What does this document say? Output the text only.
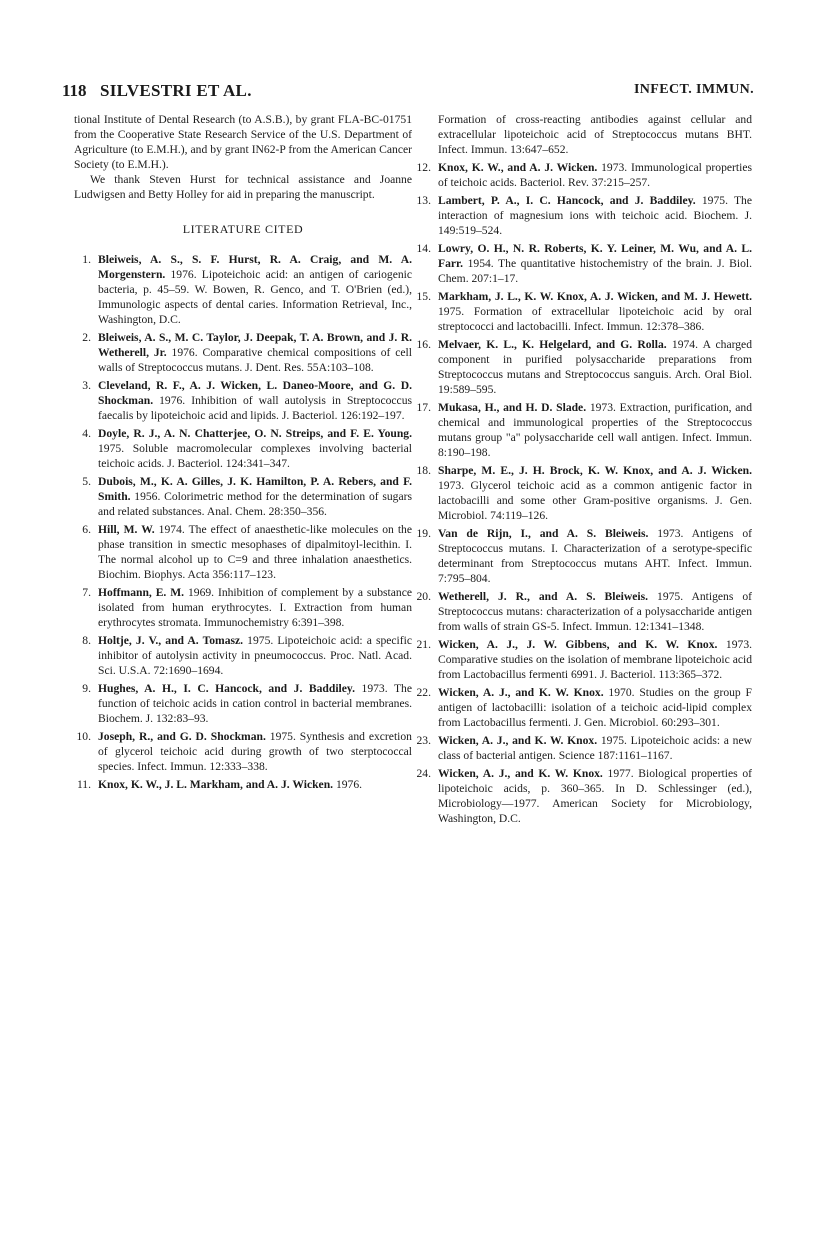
118 SILVESTRI ET AL.	INFECT. IMMUN.

tional Institute of Dental Research (to A.S.B.), by grant FLA-BC-01751 from the Cooperative State Research Service of the U.S. Department of Agriculture (to E.M.H.), and by grant IN62-P from the American Cancer Society (to E.M.H.).

We thank Steven Hurst for technical assistance and Joanne Ludwigsen and Betty Holley for aid in preparing the manuscript.

LITERATURE CITED
1. Bleiweis, A. S., S. F. Hurst, R. A. Craig, and M. A. Morgenstern. 1976. Lipoteichoic acid: an antigen of cariogenic bacteria, p. 45–59. W. Bowen, R. Genco, and T. O'Brien (ed.), Immunologic aspects of dental caries. Information Retrieval, Inc., Washington, D.C.
2. Bleiweis, A. S., M. C. Taylor, J. Deepak, T. A. Brown, and J. R. Wetherell, Jr. 1976. Comparative chemical compositions of cell walls of Streptococcus mutans. J. Dent. Res. 55A:103–108.
3. Cleveland, R. F., A. J. Wicken, L. Daneo-Moore, and G. D. Shockman. 1976. Inhibition of wall autolysis in Streptococcus faecalis by lipoteichoic acid and lipids. J. Bacteriol. 126:192–197.
4. Doyle, R. J., A. N. Chatterjee, O. N. Streips, and F. E. Young. 1975. Soluble macromolecular complexes involving bacterial teichoic acids. J. Bacteriol. 124:341–347.
5. Dubois, M., K. A. Gilles, J. K. Hamilton, P. A. Rebers, and F. Smith. 1956. Colorimetric method for the determination of sugars and related substances. Anal. Chem. 28:350–356.
6. Hill, M. W. 1974. The effect of anaesthetic-like molecules on the phase transition in smectic mesophases of dipalmitoyl-lecithin. I. The normal alcohol up to C=9 and three inhalation anaesthetics. Biochim. Biophys. Acta 356:117–123.
7. Hoffmann, E. M. 1969. Inhibition of complement by a substance isolated from human erythrocytes. I. Extraction from human erythrocytes stromata. Immunochemistry 6:391–398.
8. Holtje, J. V., and A. Tomasz. 1975. Lipoteichoic acid: a specific inhibitor of autolysin activity in pneumococcus. Proc. Natl. Acad. Sci. U.S.A. 72:1690–1694.
9. Hughes, A. H., I. C. Hancock, and J. Baddiley. 1973. The function of teichoic acids in cation control in bacterial membranes. Biochem. J. 132:83–93.
10. Joseph, R., and G. D. Shockman. 1975. Synthesis and excretion of glycerol teichoic acid during growth of two sterptococcal species. Infect. Immun. 12:333–338.
11. Knox, K. W., J. L. Markham, and A. J. Wicken. 1976.
Formation of cross-reacting antibodies against cellular and extracellular lipoteichoic acid of Streptococcus mutans BHT. Infect. Immun. 13:647–652.
12. Knox, K. W., and A. J. Wicken. 1973. Immunological properties of teichoic acids. Bacteriol. Rev. 37:215–257.
13. Lambert, P. A., I. C. Hancock, and J. Baddiley. 1975. The interaction of magnesium ions with teichoic acid. Biochem. J. 149:519–524.
14. Lowry, O. H., N. R. Roberts, K. Y. Leiner, M. Wu, and A. L. Farr. 1954. The quantitative histochemistry of the brain. J. Biol. Chem. 207:1–17.
15. Markham, J. L., K. W. Knox, A. J. Wicken, and M. J. Hewett. 1975. Formation of extracellular lipoteichoic acid by oral streptococci and lactobacilli. Infect. Immun. 12:378–386.
16. Melvaer, K. L., K. Helgelard, and G. Rolla. 1974. A charged component in purified polysaccharide preparations from Streptococcus mutans and Streptococcus sanguis. Arch. Oral Biol. 19:589–595.
17. Mukasa, H., and H. D. Slade. 1973. Extraction, purification, and chemical and immunological properties of the Streptococcus mutans group "a" polysaccharide cell wall antigen. Infect. Immun. 8:190–198.
18. Sharpe, M. E., J. H. Brock, K. W. Knox, and A. J. Wicken. 1973. Glycerol teichoic acid as a common antigenic factor in lactobacilli and some other Gram-positive organisms. J. Gen. Microbiol. 74:119–126.
19. Van de Rijn, I., and A. S. Bleiweis. 1973. Antigens of Streptococcus mutans. I. Characterization of a serotype-specific determinant from Streptococcus mutans AHT. Infect. Immun. 7:795–804.
20. Wetherell, J. R., and A. S. Bleiweis. 1975. Antigens of Streptococcus mutans: characterization of a polysaccharide antigen from walls of strain GS-5. Infect. Immun. 12:1341–1348.
21. Wicken, A. J., J. W. Gibbens, and K. W. Knox. 1973. Comparative studies on the isolation of membrane lipoteichoic acid from Lactobacillus fermenti 6991. J. Bacteriol. 113:365–372.
22. Wicken, A. J., and K. W. Knox. 1970. Studies on the group F antigen of lactobacilli: isolation of a teichoic acid-lipid complex from Lactobacillus fermenti. J. Gen. Microbiol. 60:293–301.
23. Wicken, A. J., and K. W. Knox. 1975. Lipoteichoic acids: a new class of bacterial antigen. Science 187:1161–1167.
24. Wicken, A. J., and K. W. Knox. 1977. Biological properties of lipoteichoic acids, p. 360–365. In D. Schlessinger (ed.), Microbiology—1977. American Society for Microbiology, Washington, D.C.
